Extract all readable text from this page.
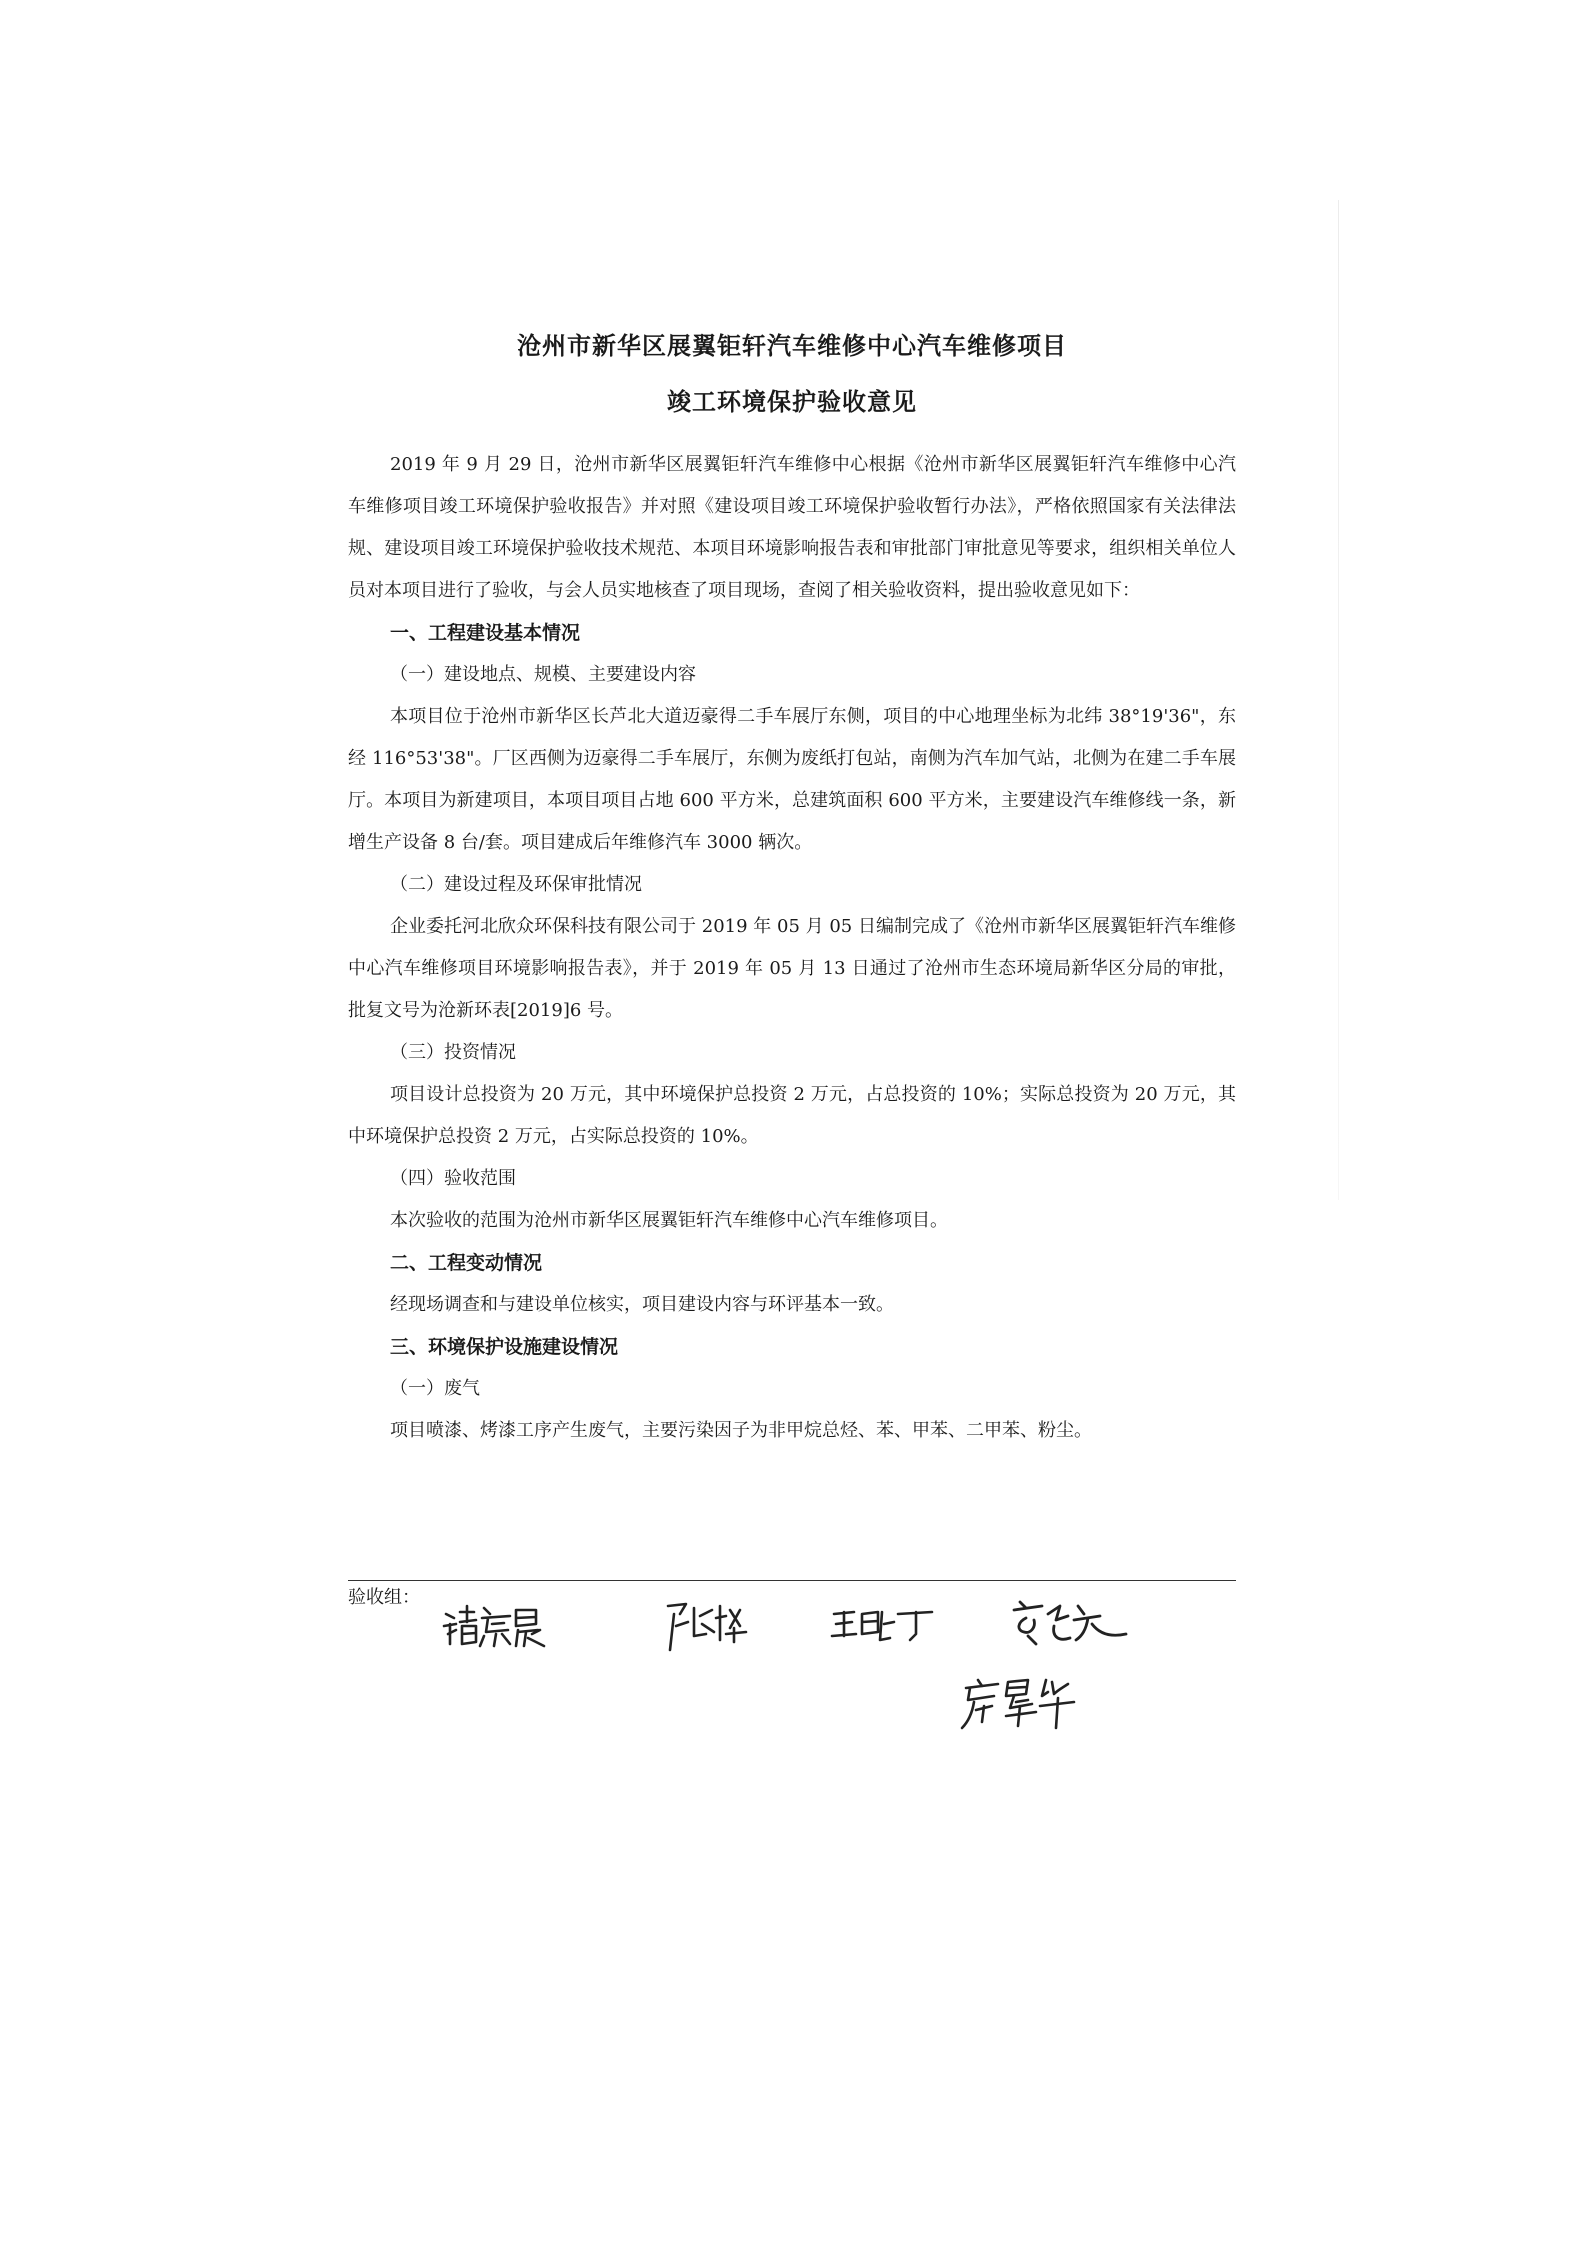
沧州市新华区展翼钜轩汽车维修中心汽车维修项目

竣工环境保护验收意见

2019 年 9 月 29 日，沧州市新华区展翼钜轩汽车维修中心根据《沧州市新华区展翼钜轩汽车维修中心汽车维修项目竣工环境保护验收报告》并对照《建设项目竣工环境保护验收暂行办法》，严格依照国家有关法律法规、建设项目竣工环境保护验收技术规范、本项目环境影响报告表和审批部门审批意见等要求，组织相关单位人员对本项目进行了验收，与会人员实地核查了项目现场，查阅了相关验收资料，提出验收意见如下：

一、工程建设基本情况

（一）建设地点、规模、主要建设内容

本项目位于沧州市新华区长芦北大道迈豪得二手车展厅东侧，项目的中心地理坐标为北纬 38°19'36"，东经 116°53'38"。厂区西侧为迈豪得二手车展厅，东侧为废纸打包站，南侧为汽车加气站，北侧为在建二手车展厅。本项目为新建项目，本项目项目占地 600 平方米，总建筑面积 600 平方米，主要建设汽车维修线一条，新增生产设备 8 台/套。项目建成后年维修汽车 3000 辆次。

（二）建设过程及环保审批情况

企业委托河北欣众环保科技有限公司于 2019 年 05 月 05 日编制完成了《沧州市新华区展翼钜轩汽车维修中心汽车维修项目环境影响报告表》，并于 2019 年 05 月 13 日通过了沧州市生态环境局新华区分局的审批，批复文号为沧新环表[2019]6 号。

（三）投资情况

项目设计总投资为 20 万元，其中环境保护总投资 2 万元，占总投资的 10%；实际总投资为 20 万元，其中环境保护总投资 2 万元，占实际总投资的 10%。

（四）验收范围

本次验收的范围为沧州市新华区展翼钜轩汽车维修中心汽车维修项目。

二、工程变动情况

经现场调查和与建设单位核实，项目建设内容与环评基本一致。

三、环境保护设施建设情况

（一）废气

项目喷漆、烤漆工序产生废气，主要污染因子为非甲烷总烃、苯、甲苯、二甲苯、粉尘。

验收组：
